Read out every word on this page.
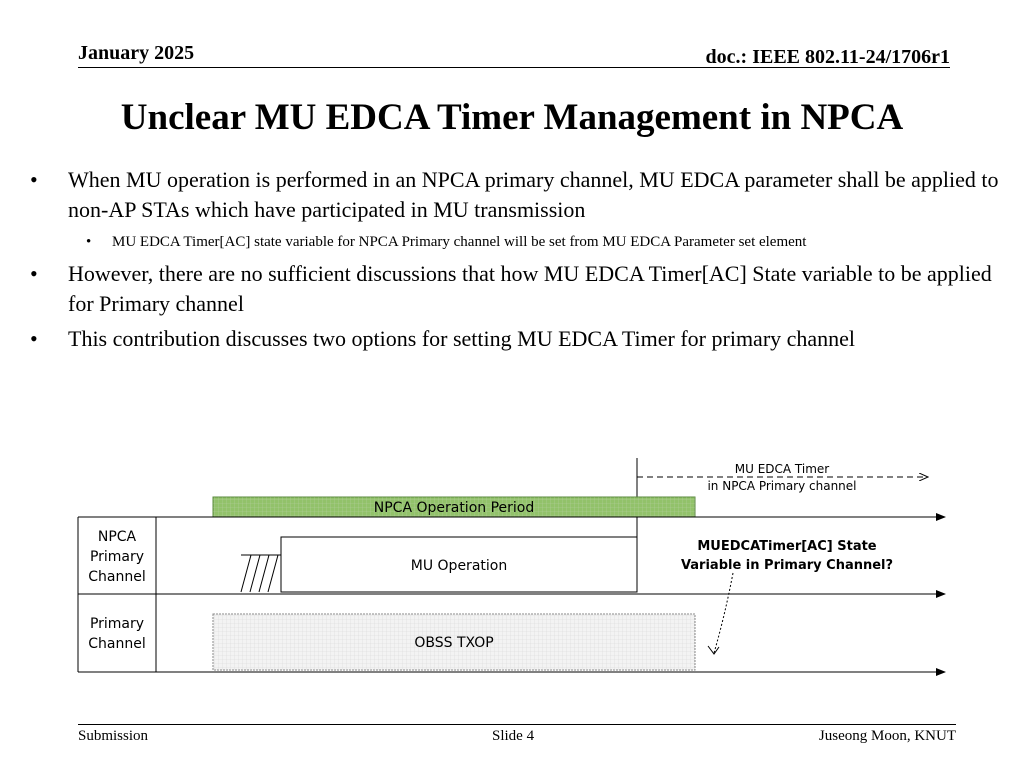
January 2025	doc.: IEEE 802.11-24/1706r1
Unclear MU EDCA Timer Management in NPCA
• When MU operation is performed in an NPCA primary channel, MU EDCA parameter shall be applied to non-AP STAs which have participated in MU transmission
• MU EDCA Timer[AC] state variable for NPCA Primary channel will be set from MU EDCA Parameter set element
• However, there are no sufficient discussions that how MU EDCA Timer[AC] State variable to be applied for Primary channel
• This contribution discusses two options for setting MU EDCA Timer for primary channel
MU EDCA Timer
in NPCA Primary channel
NPCA Operation Period
NPCA
Primary
Channel
MU Operation
MUEDCATimer[AC] State
Variable in Primary Channel?
Primary
Channel	OBSS TXOP
Submission	Slide 4	Juseong Moon, KNUT
